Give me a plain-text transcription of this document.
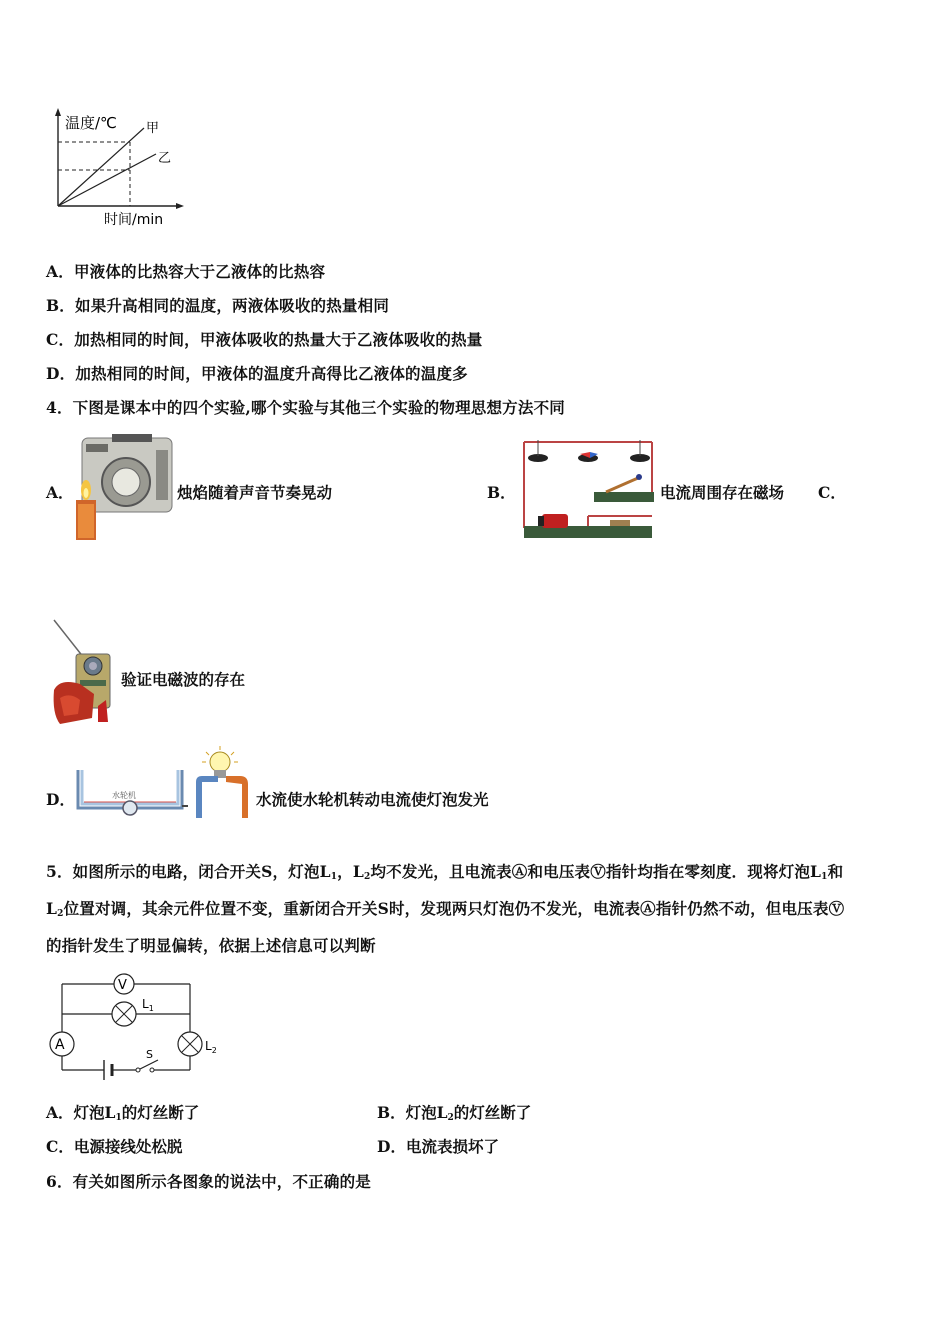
温度/℃ 甲
乙
时间/min
A．甲液体的比热容大于乙液体的比热容
B．如果升高相同的温度，两液体吸收的热量相同
C．加热相同的时间，甲液体吸收的热量大于乙液体吸收的热量
D．加热相同的时间，甲液体的温度升高得比乙液体的温度多
4．下图是课本中的四个实验,哪个实验与其他三个实验的物理思想方法不同
A．	烛焰随着声音节奏晃动	B．	电流周围存在磁场 C．
验证电磁波的存在
D．	水轮机	水流使水轮机转动电流使灯泡发光
5．如图所示的电路，闭合开关S，灯泡$L_1$，$L_2$均不发光，且电流表Ⓐ和电压表Ⓥ指针均指在零刻度．现将灯泡$L_1$和
$L_2$位置对调，其余元件位置不变，重新闭合开关S时，发现两只灯泡仍不发光，电流表Ⓐ指针仍然不动，但电压表Ⓥ
的指针发生了明显偏转，依据上述信息可以判断
V
$L_1$
A	$L_2$
S
A．灯泡$L_1$的灯丝断了	B．灯泡$L_2$的灯丝断了
C．电源接线处松脱	D．电流表损坏了
6．有关如图所示各图象的说法中，不正确的是
